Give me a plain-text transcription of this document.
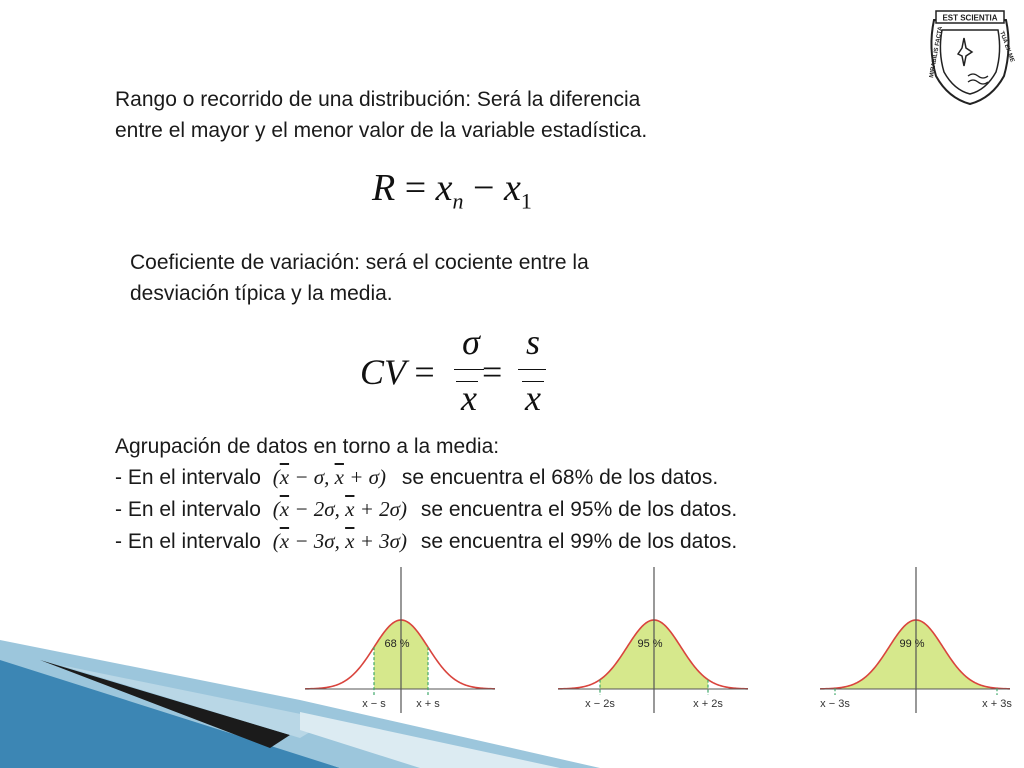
EST SCIENTIA
MIRABILIS FACTA	TUA EX ME
Rango o recorrido de una distribución: Será la diferencia
entre el mayor y el menor valor de la variable estadística.
$R = x_n - x_1$
Coeficiente de variación: será el cociente entre la
desviación típica y la media.
CV =
σ
x
=
s
x
Agrupación de datos en torno a la media:
- En el intervalo ($\overline{x} - \sigma$, $\overline{x} + \sigma$) se encuentra el 68% de los datos.
- En el intervalo ($\overline{x} - 2\sigma$, $\overline{x} + 2\sigma$) se encuentra el 95% de los datos.
- En el intervalo ($\overline{x} - 3\sigma$, $\overline{x} + 3\sigma$) se encuentra el 99% de los datos.
68 %
x − s	x + s
95 %
x − 2s	x + 2s
99 %
x − 3s	x + 3s
